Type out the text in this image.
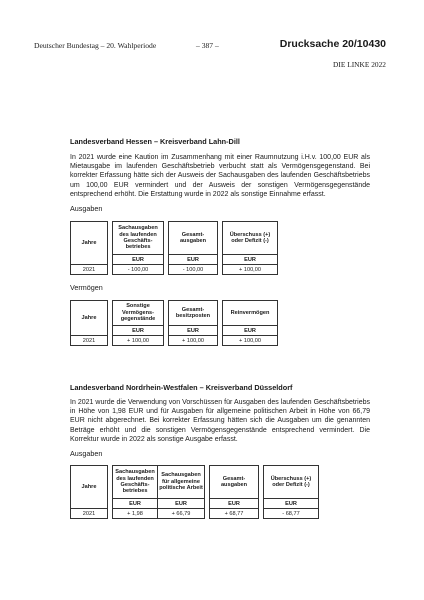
Deutscher Bundestag – 20. Wahlperiode	– 387 –	Drucksache 20/10430
DIE LINKE 2022
Landesverband Hessen – Kreisverband Lahn-Dill
In 2021 wurde eine Kaution im Zusammenhang mit einer Raumnutzung i.H.v. 100,00 EUR als Mietausgabe im laufenden Geschäftsbetrieb verbucht statt als Vermögensgegenstand. Bei korrekter Erfassung hätte sich der Ausweis der Sachausgaben des laufenden Geschäftsbetriebs um 100,00 EUR vermindert und der Ausweis der sonstigen Vermögensgegenstände entsprechend erhöht. Die Erstattung wurde in 2022 als sonstige Einnahme erfasst.
Ausgaben
Jahre		Sachausgaben des laufenden Geschäftsbetriebes		Gesamtausgaben		Überschuss (+) oder Defizit (-)
		EUR		EUR		EUR
2021		- 100,00		- 100,00		+ 100,00
Vermögen
Jahre		Sonstige Vermögensgegenstände		Gesamtbesitzposten		Reinvermögen
		EUR		EUR		EUR
2021		+ 100,00		+ 100,00		+ 100,00
Landesverband Nordrhein-Westfalen – Kreisverband Düsseldorf
In 2021 wurde die Verwendung von Vorschüssen für Ausgaben des laufenden Geschäftsbetriebs in Höhe von 1,98 EUR und für Ausgaben für allgemeine politischen Arbeit in Höhe von 66,79 EUR nicht abgerechnet. Bei korrekter Erfassung hätten sich die Ausgaben um die genannten Beträge erhöht und die sonstigen Vermögensgegenstände entsprechend vermindert. Die Korrektur wurde in 2022 als sonstige Ausgabe erfasst.
Ausgaben
Jahre		Sachausgaben des laufenden Geschäftsbetriebes	Sachausgaben für allgemeine politische Arbeit		Gesamtausgaben		Überschuss (+) oder Defizit (-)
		EUR	EUR		EUR		EUR
2021		+ 1,98	+ 66,79		+ 68,77		- 68,77
